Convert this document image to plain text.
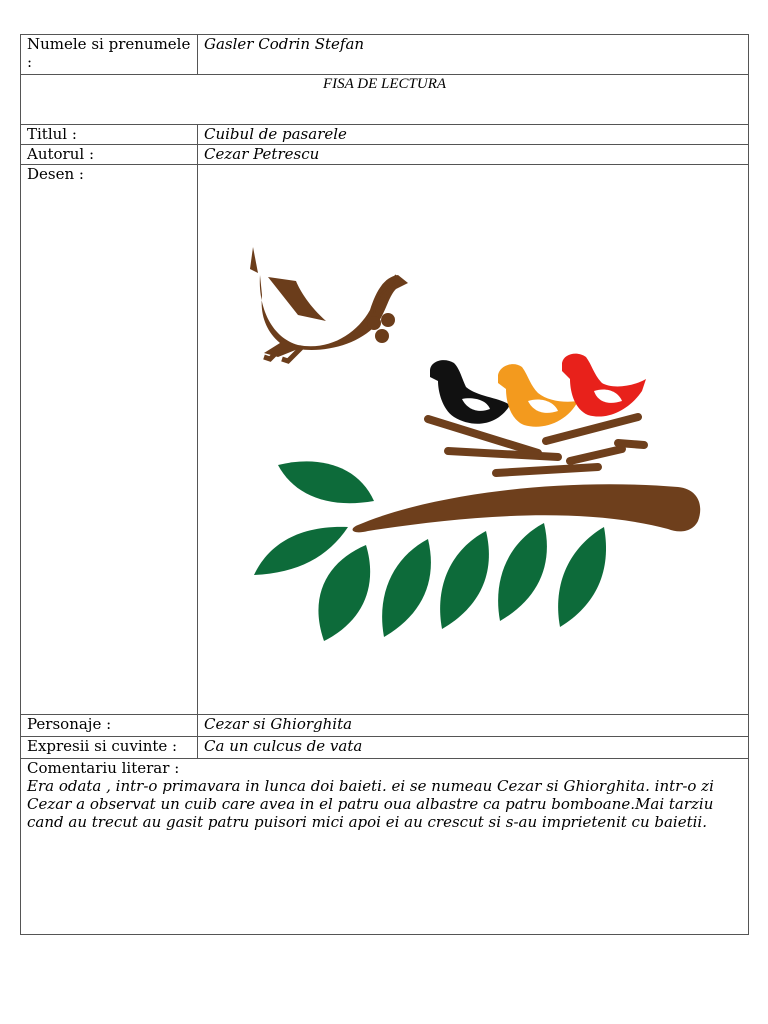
Numele si prenumele :	Gasler Codrin Stefan
FISA DE LECTURA	
Titlul :	Cuibul de pasarele
Autorul :	Cezar Petrescu
Desen :	

Personaje :	Cezar si Ghiorghita
Expresii si cuvinte :	Ca un culcus de vata

Comentariu literar :
Era odata , intr-o primavara in lunca doi baieti. ei se numeau Cezar si Ghiorghita. intr-o zi Cezar a observat un cuib care avea in el patru oua albastre ca patru bomboane.Mai tarziu cand au trecut au gasit patru puisori mici apoi ei au crescut si s-au imprietenit cu baietii.	
